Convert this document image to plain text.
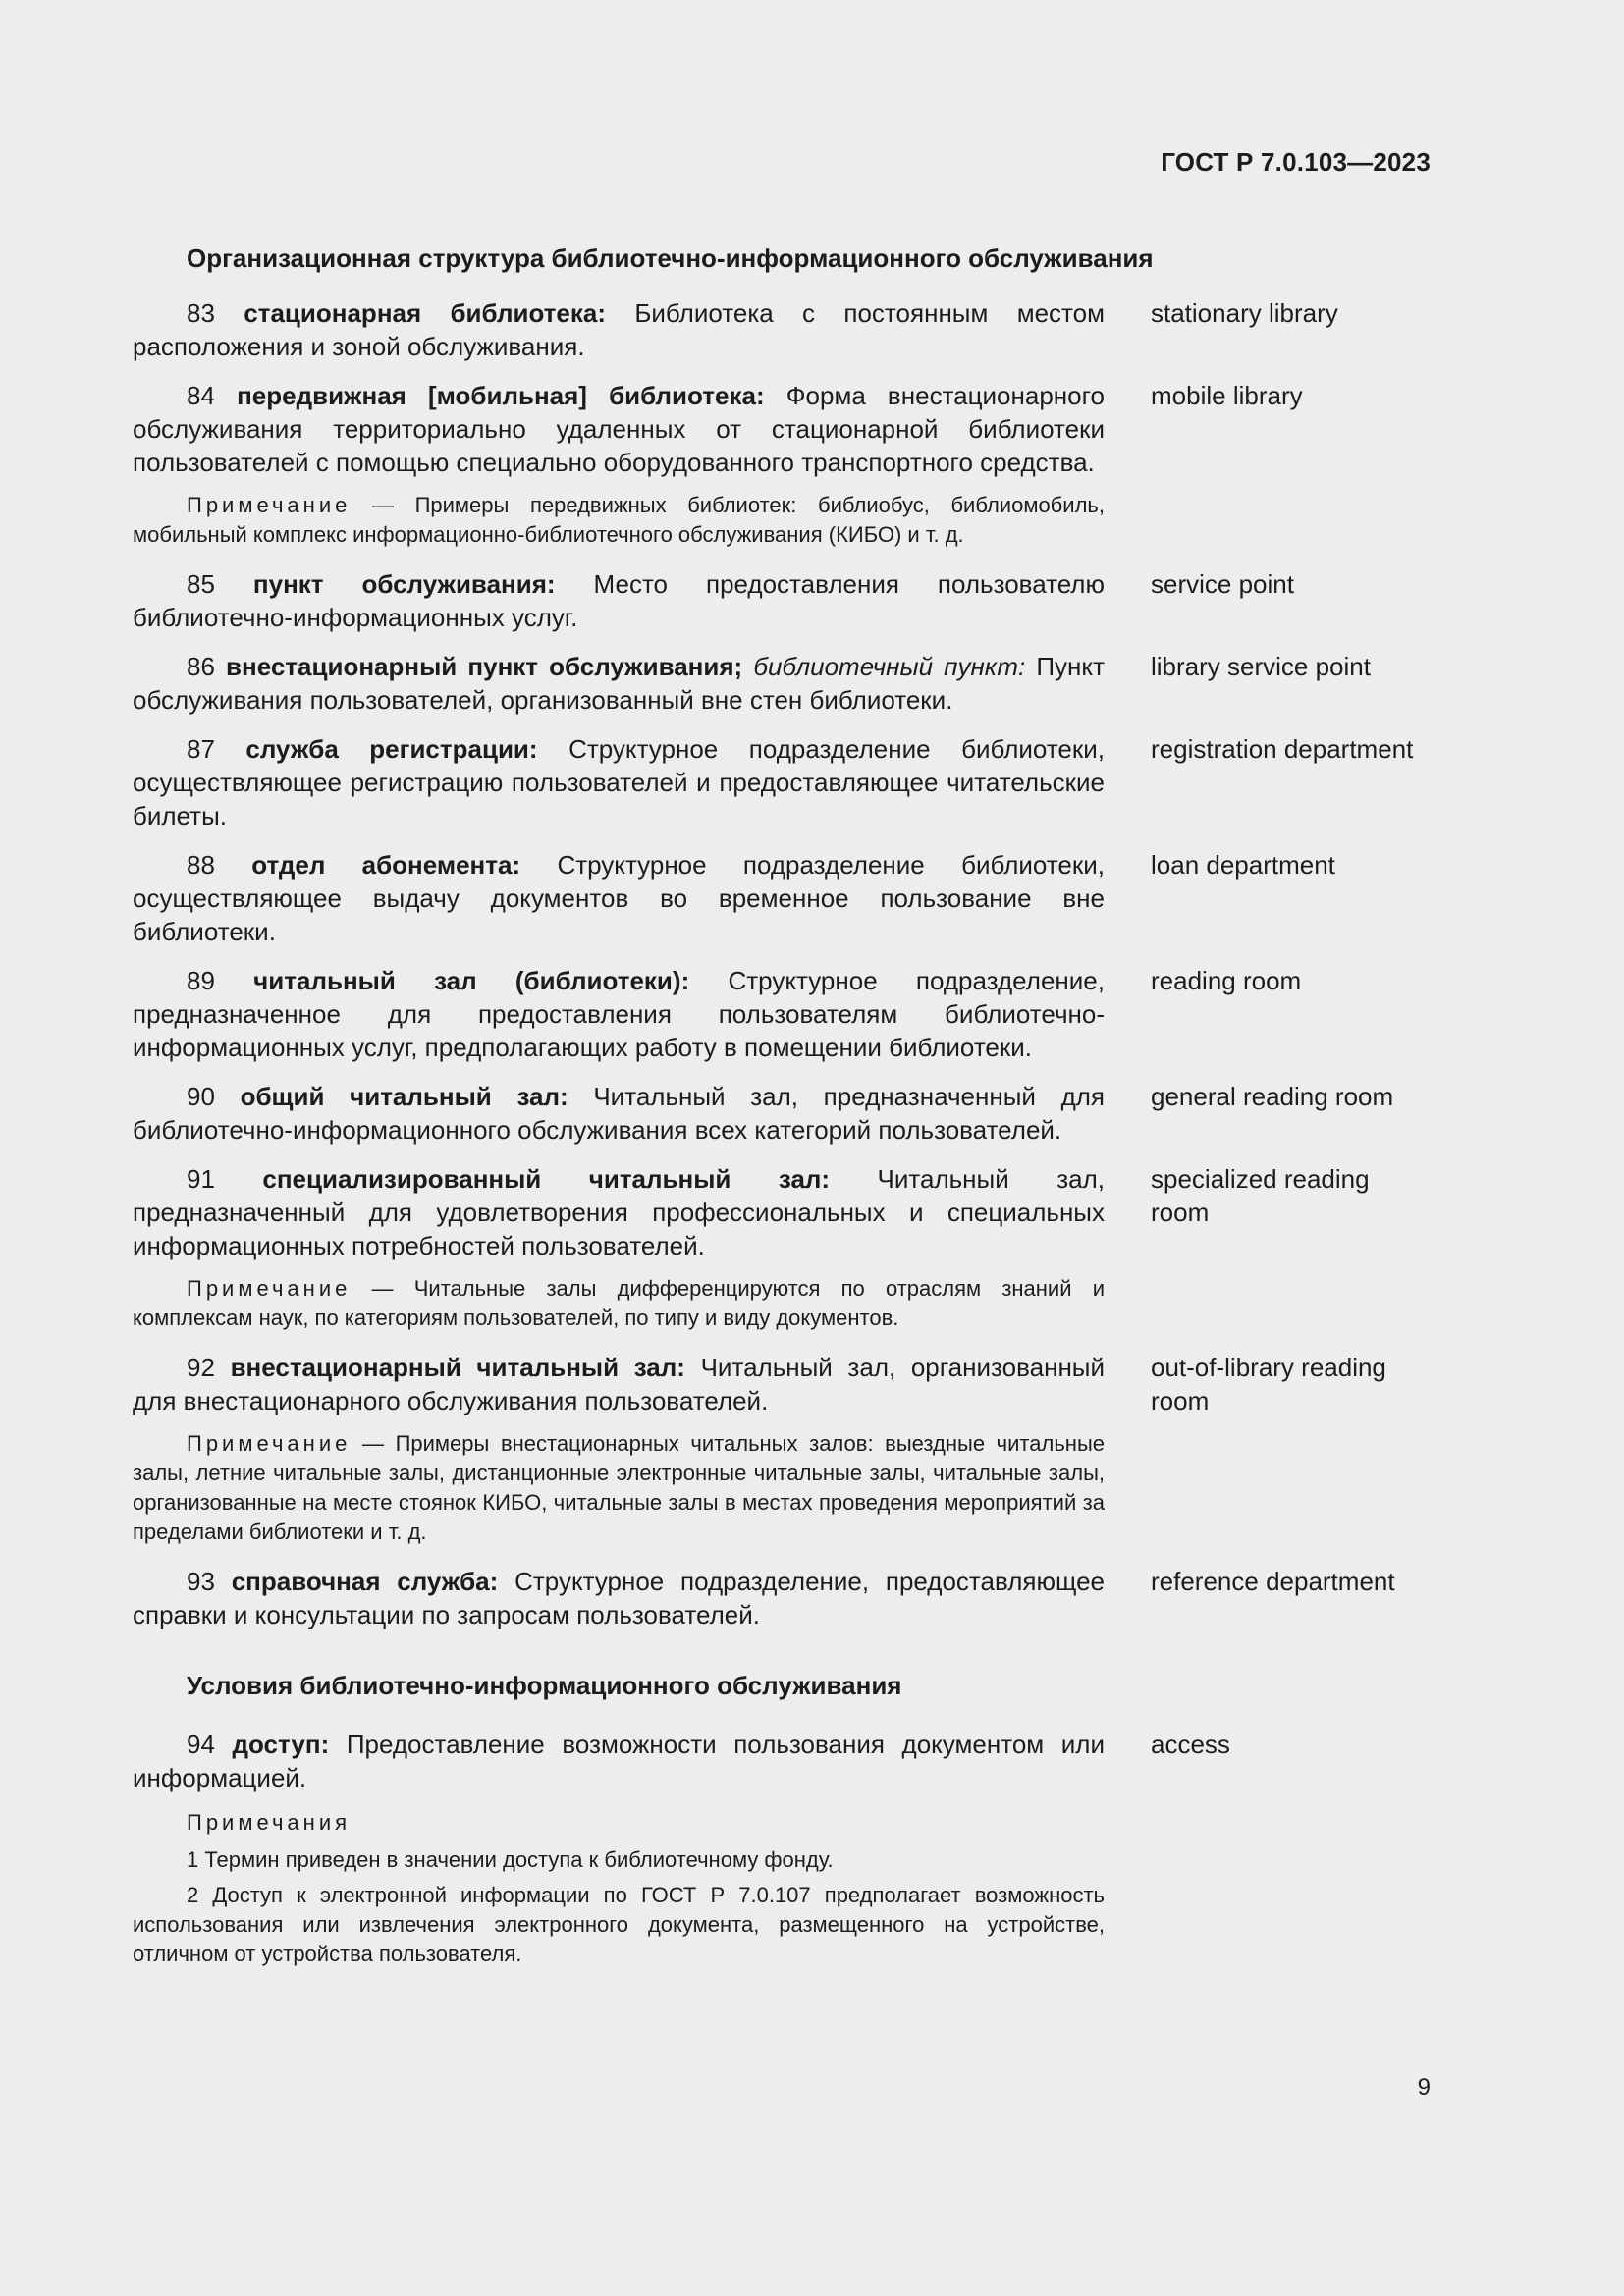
ГОСТ Р 7.0.103—2023
Организационная структура библиотечно-информационного обслуживания
83 стационарная библиотека: Библиотека с постоянным местом расположения и зоной обслуживания.
stationary library
84 передвижная [мобильная] библиотека: Форма внестационарного обслуживания территориально удаленных от стационарной библиотеки пользователей с помощью специально оборудованного транспортного средства.
mobile library
Примечание — Примеры передвижных библиотек: библиобус, библиомобиль, мобильный комплекс информационно-библиотечного обслуживания (КИБО) и т. д.
85 пункт обслуживания: Место предоставления пользователю библиотечно-информационных услуг.
service point
86 внестационарный пункт обслуживания; библиотечный пункт: Пункт обслуживания пользователей, организованный вне стен библиотеки.
library service point
87 служба регистрации: Структурное подразделение библиотеки, осуществляющее регистрацию пользователей и предоставляющее читательские билеты.
registration department
88 отдел абонемента: Структурное подразделение библиотеки, осуществляющее выдачу документов во временное пользование вне библиотеки.
loan department
89 читальный зал (библиотеки): Структурное подразделение, предназначенное для предоставления пользователям библиотечно-информационных услуг, предполагающих работу в помещении библиотеки.
reading room
90 общий читальный зал: Читальный зал, предназначенный для библиотечно-информационного обслуживания всех категорий пользователей.
general reading room
91 специализированный читальный зал: Читальный зал, предназначенный для удовлетворения профессиональных и специальных информационных потребностей пользователей.
specialized reading room
Примечание — Читальные залы дифференцируются по отраслям знаний и комплексам наук, по категориям пользователей, по типу и виду документов.
92 внестационарный читальный зал: Читальный зал, организованный для внестационарного обслуживания пользователей.
out-of-library reading room
Примечание — Примеры внестационарных читальных залов: выездные читальные залы, летние читальные залы, дистанционные электронные читальные залы, читальные залы, организованные на месте стоянок КИБО, читальные залы в местах проведения мероприятий за пределами библиотеки и т. д.
93 справочная служба: Структурное подразделение, предоставляющее справки и консультации по запросам пользователей.
reference department
Условия библиотечно-информационного обслуживания
94 доступ: Предоставление возможности пользования документом или информацией.
access
Примечания
1 Термин приведен в значении доступа к библиотечному фонду.
2 Доступ к электронной информации по ГОСТ Р 7.0.107 предполагает возможность использования или извлечения электронного документа, размещенного на устройстве, отличном от устройства пользователя.
9
